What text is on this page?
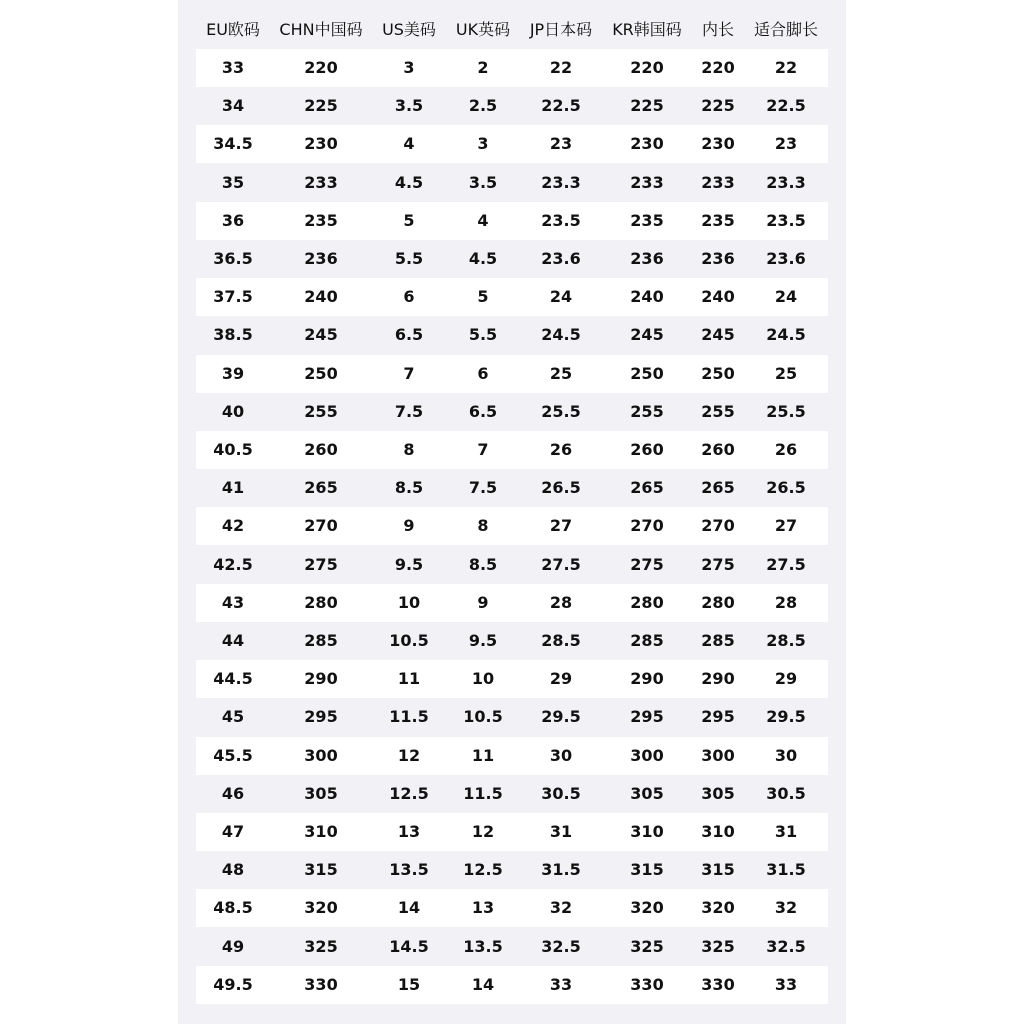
EU欧码	CHN中国码	US美码	UK英码	JP日本码	KR韩国码	内长	适合脚长
33	220	3	2	22	220	220	22
34	225	3.5	2.5	22.5	225	225	22.5
34.5	230	4	3	23	230	230	23
35	233	4.5	3.5	23.3	233	233	23.3
36	235	5	4	23.5	235	235	23.5
36.5	236	5.5	4.5	23.6	236	236	23.6
37.5	240	6	5	24	240	240	24
38.5	245	6.5	5.5	24.5	245	245	24.5
39	250	7	6	25	250	250	25
40	255	7.5	6.5	25.5	255	255	25.5
40.5	260	8	7	26	260	260	26
41	265	8.5	7.5	26.5	265	265	26.5
42	270	9	8	27	270	270	27
42.5	275	9.5	8.5	27.5	275	275	27.5
43	280	10	9	28	280	280	28
44	285	10.5	9.5	28.5	285	285	28.5
44.5	290	11	10	29	290	290	29
45	295	11.5	10.5	29.5	295	295	29.5
45.5	300	12	11	30	300	300	30
46	305	12.5	11.5	30.5	305	305	30.5
47	310	13	12	31	310	310	31
48	315	13.5	12.5	31.5	315	315	31.5
48.5	320	14	13	32	320	320	32
49	325	14.5	13.5	32.5	325	325	32.5
49.5	330	15	14	33	330	330	33
